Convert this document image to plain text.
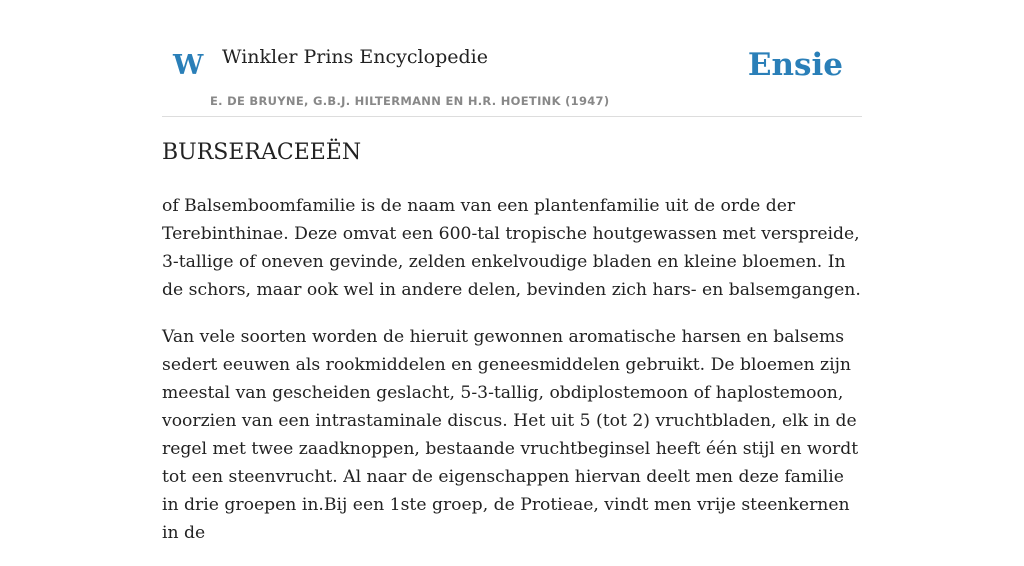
W Winkler Prins Encyclopedie
E. DE BRUYNE, G.B.J. HILTERMANN EN H.R. HOETINK (1947)
Ensie
BURSERACEEËN

of Balsemboomfamilie is de naam van een plantenfamilie uit de orde der Terebinthinae. Deze omvat een 600-tal tropische houtgewassen met verspreide, 3-tallige of oneven gevinde, zelden enkelvoudige bladen en kleine bloemen. In de schors, maar ook wel in andere delen, bevinden zich hars- en balsemgangen.

Van vele soorten worden de hieruit gewonnen aromatische harsen en balsems sedert eeuwen als rookmiddelen en geneesmiddelen gebruikt. De bloemen zijn meestal van gescheiden geslacht, 5-3-tallig, obdiplostemoon of haplostemoon, voorzien van een intrastaminale discus. Het uit 5 (tot 2) vruchtbladen, elk in de regel met twee zaadknoppen, bestaande vruchtbeginsel heeft één stijl en wordt tot een steenvrucht. Al naar de eigenschappen hiervan deelt men deze familie in drie groepen in.Bij een 1ste groep, de Protieae, vindt men vrije steenkernen in de
